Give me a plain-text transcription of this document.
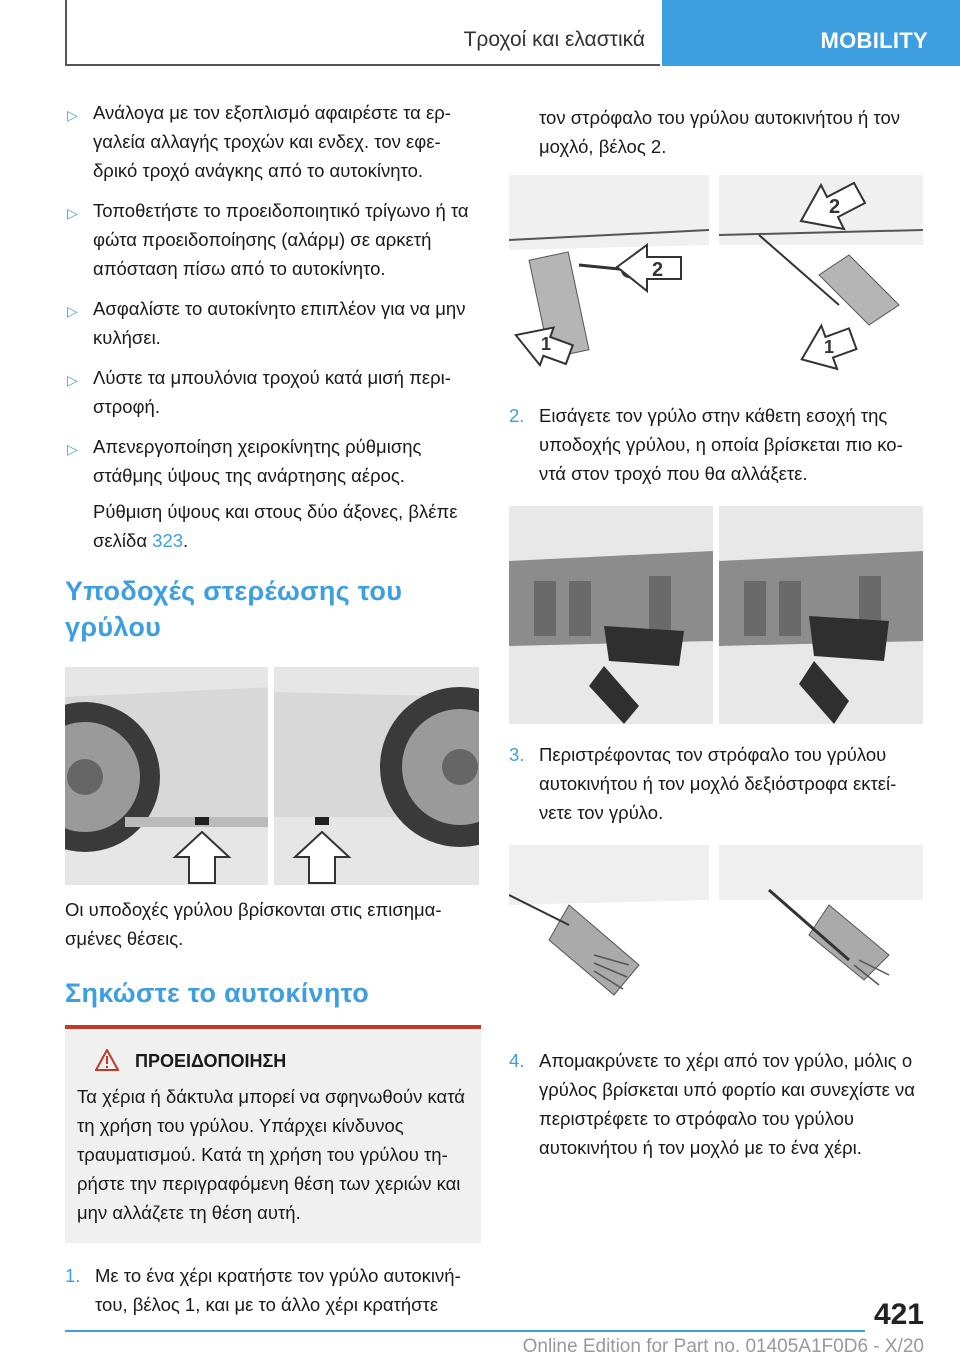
Τροχοί και ελαστικά	MOBILITY
▷ Ανάλογα με τον εξοπλισμό αφαιρέστε τα ερ‐γαλεία αλλαγής τροχών και ενδεχ. τον εφε‐δρικό τροχό ανάγκης από το αυτοκίνητο.
▷ Τοποθετήστε το προειδοποιητικό τρίγωνο ή τα φώτα προειδοποίησης (αλάρμ) σε αρκετή απόσταση πίσω από το αυτοκίνητο.
▷ Ασφαλίστε το αυτοκίνητο επιπλέον για να μην κυλήσει.
▷ Λύστε τα μπουλόνια τροχού κατά μισή περι‐στροφή.
▷ Απενεργοποίηση χειροκίνητης ρύθμισης στάθμης ύψους της ανάρτησης αέρος.
Ρύθμιση ύψους και στους δύο άξονες, βλέπε σελίδα 323.
Υποδοχές στερέωσης του γρύλου

Οι υποδοχές γρύλου βρίσκονται στις επισημα‐σμένες θέσεις.

Σηκώστε το αυτοκίνητο
ΠΡΟΕΙΔΟΠΟΙΗΣΗ

Τα χέρια ή δάκτυλα μπορεί να σφηνωθούν κατά τη χρήση του γρύλου. Υπάρχει κίνδυνος τραυματισμού. Κατά τη χρήση του γρύλου τη‐ρήστε την περιγραφόμενη θέση των χεριών και μην αλλάζετε τη θέση αυτή.

1. Με το ένα χέρι κρατήστε τον γρύλο αυτοκινή‐του, βέλος 1, και με το άλλο χέρι κρατήστε

τον στρόφαλο του γρύλου αυτοκινήτου ή τον μοχλό, βέλος 2.

2
2
1	1
2. Εισάγετε τον γρύλο στην κάθετη εσοχή της υποδοχής γρύλου, η οποία βρίσκεται πιο κο‐ντά στον τροχό που θα αλλάξετε.
3. Περιστρέφοντας τον στρόφαλο του γρύλου αυτοκινήτου ή τον μοχλό δεξιόστροφα εκτεί‐νετε τον γρύλο.
4. Απομακρύνετε το χέρι από τον γρύλο, μόλις ο γρύλος βρίσκεται υπό φορτίο και συνεχίστε να περιστρέφετε το στρόφαλο του γρύλου αυτοκινήτου ή τον μοχλό με το ένα χέρι.
421
Online Edition for Part no. 01405A1F0D6 - X/20
